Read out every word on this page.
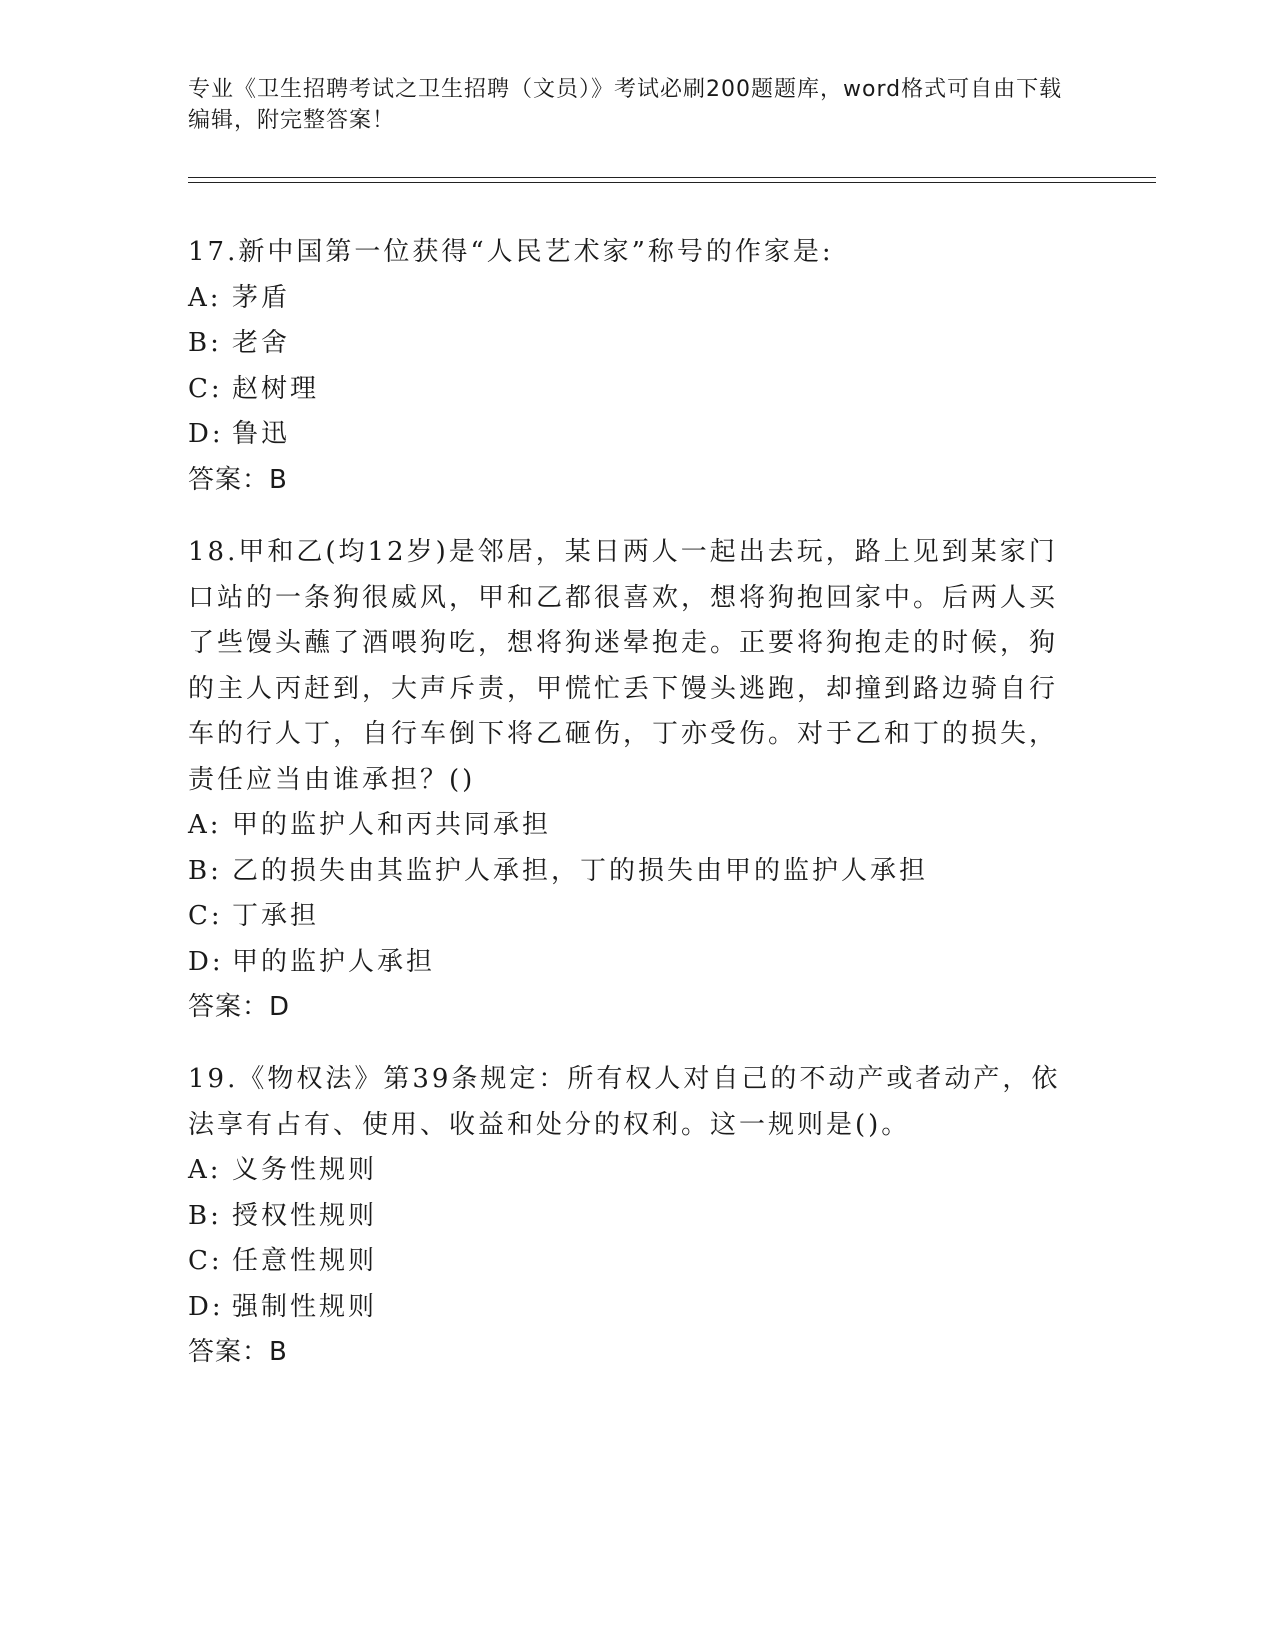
专业《卫生招聘考试之卫生招聘（文员）》考试必刷200题题库，word格式可自由下载编辑，附完整答案！
17.新中国第一位获得“人民艺术家”称号的作家是:
A: 茅盾
B: 老舍
C: 赵树理
D: 鲁迅
答案：B
18.甲和乙(均12岁)是邻居，某日两人一起出去玩，路上见到某家门口站的一条狗很威风，甲和乙都很喜欢，想将狗抱回家中。后两人买了些馒头蘸了酒喂狗吃，想将狗迷晕抱走。正要将狗抱走的时候，狗的主人丙赶到，大声斥责，甲慌忙丢下馒头逃跑，却撞到路边骑自行车的行人丁，自行车倒下将乙砸伤，丁亦受伤。对于乙和丁的损失，责任应当由谁承担？()
A: 甲的监护人和丙共同承担
B: 乙的损失由其监护人承担，丁的损失由甲的监护人承担
C: 丁承担
D: 甲的监护人承担
答案：D
19.《物权法》第39条规定：所有权人对自己的不动产或者动产，依法享有占有、使用、收益和处分的权利。这一规则是()。
A: 义务性规则
B: 授权性规则
C: 任意性规则
D: 强制性规则
答案：B
